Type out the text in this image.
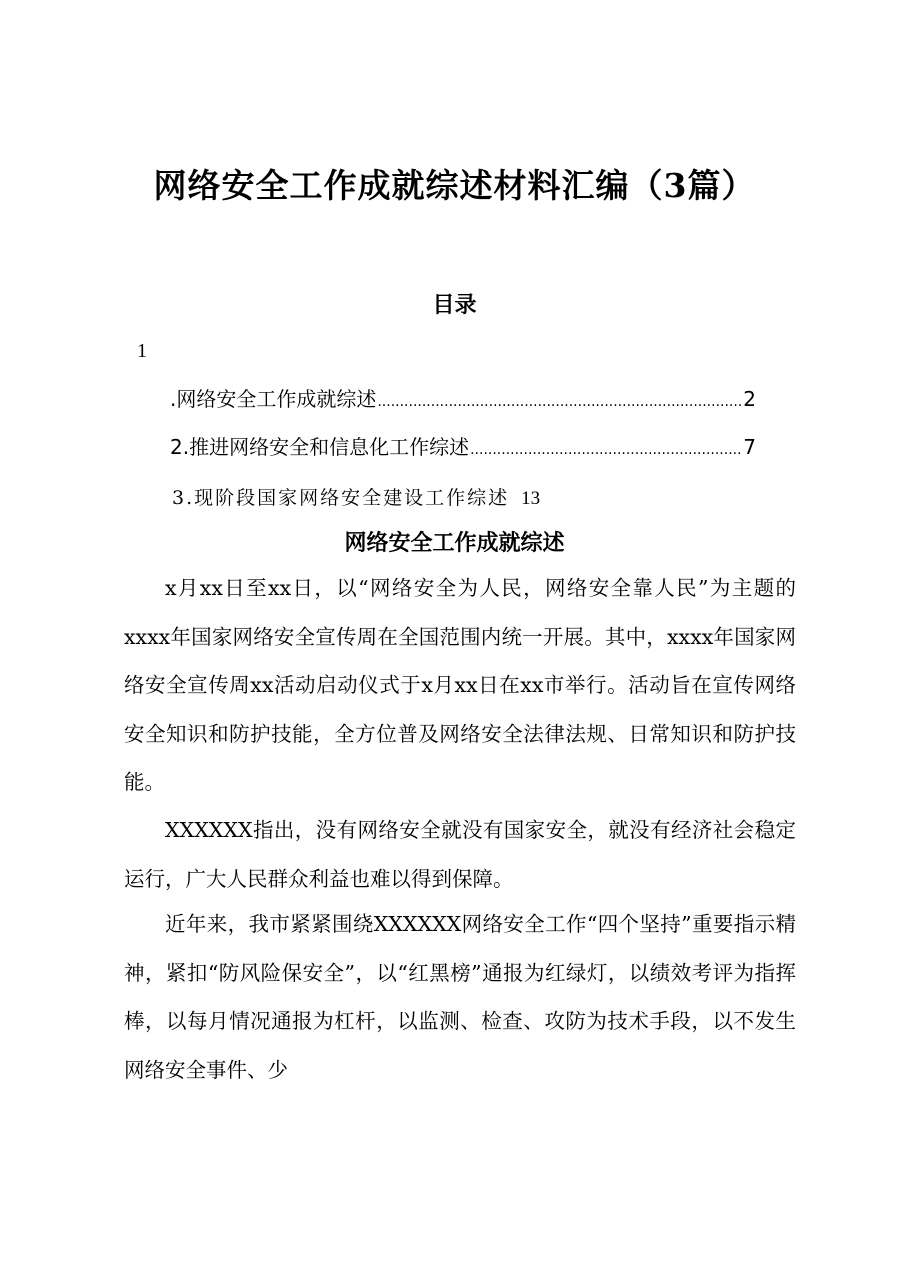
网络安全工作成就综述材料汇编（3篇）
目录
1
.网络安全工作成就综述 .....	2
2.推进网络安全和信息化工作综述 .....	7
3.现阶段国家网络安全建设工作综述 13
网络安全工作成就综述

x月xx日至xx日，以“网络安全为人民，网络安全靠人民”为主题的xxxx年国家网络安全宣传周在全国范围内统一开展。其中，xxxx年国家网络安全宣传周xx活动启动仪式于x月xx日在xx市举行。活动旨在宣传网络安全知识和防护技能，全方位普及网络安全法律法规、日常知识和防护技能。

XXXXXX指出，没有网络安全就没有国家安全，就没有经济社会稳定运行，广大人民群众利益也难以得到保障。

近年来，我市紧紧围绕XXXXXX网络安全工作“四个坚持”重要指示精神，紧扣“防风险保安全”，以“红黑榜”通报为红绿灯，以绩效考评为指挥棒，以每月情况通报为杠杆，以监测、检查、攻防为技术手段，以不发生网络安全事件、少
